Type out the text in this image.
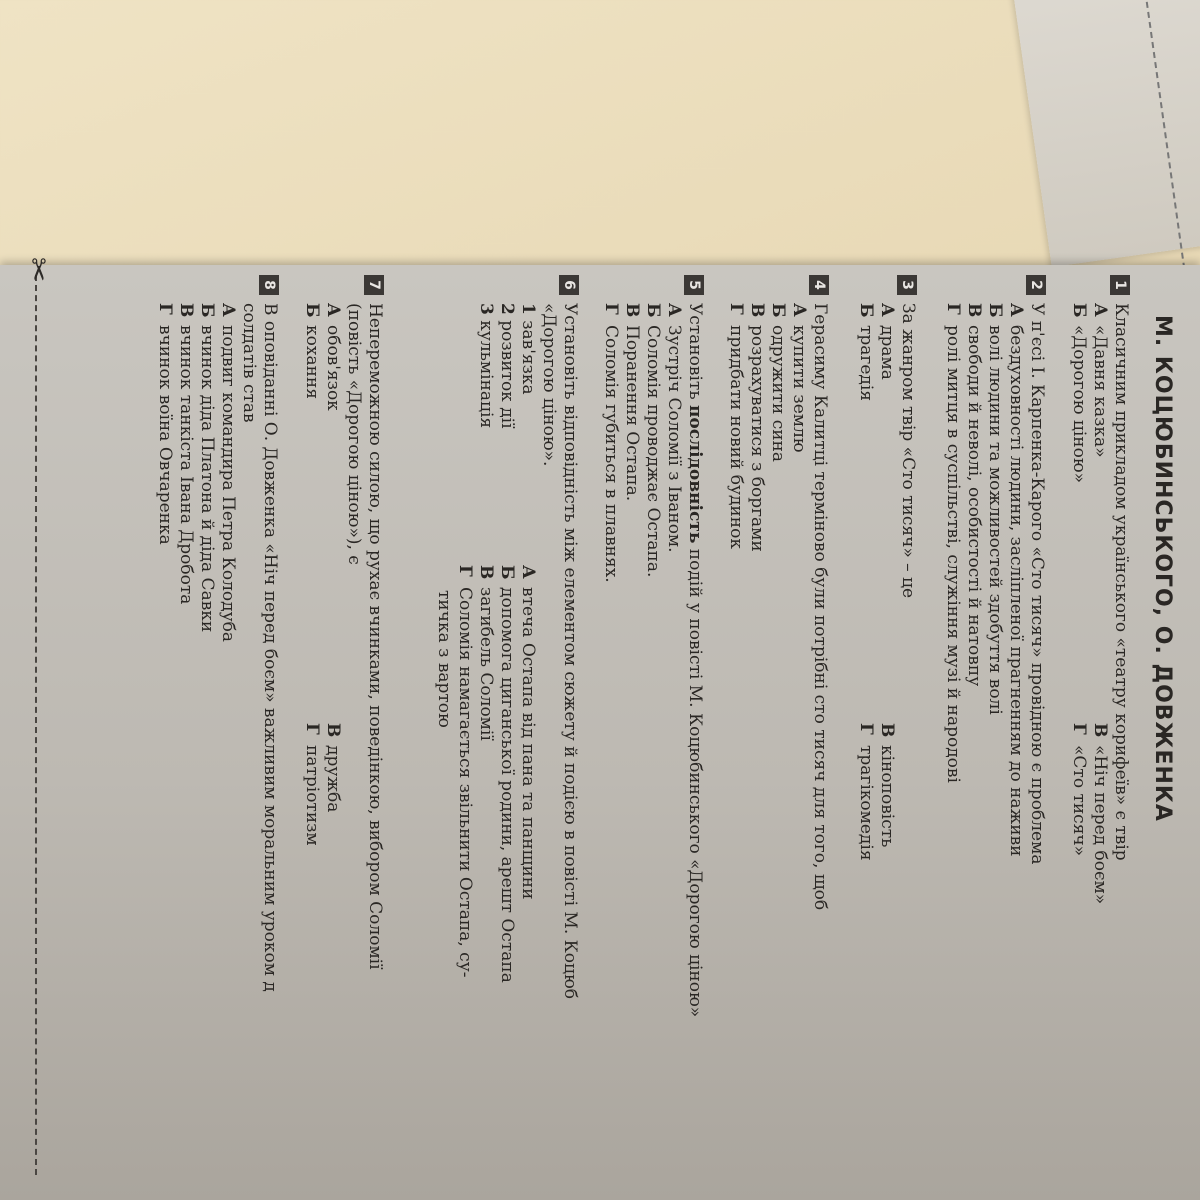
М. КОЦЮБИНСЬКОГО, О. ДОВЖЕНКА
1
Класичним прикладом українського «театру корифеїв» є твір
А«Давня казка»
В«Ніч перед боєм»
Б«Дорогою ціною»
Г«Сто тисяч»
2
У п'єсі І. Карпенка-Карого «Сто тисяч» провідною є проблема
Абездуховності людини, засліпленої прагненням до наживи
Бволі людини та можливостей здобуття волі
Всвободи й неволі, особистості й натовпу
Гролі митця в суспільстві, служіння музі й народові
3
За жанром твір «Сто тисяч» – це
Адрама
Вкіноповість
Бтрагедія
Гтрагікомедія
4
Герасиму Калитці терміново були потрібні сто тисяч для того, щоб
Акупити землю
Бодружити сина
Врозрахуватися з боргами
Гпридбати новий будинок
5
Установіть послідовність подій у повісті М. Коцюбинського «Дорогою ціною»
АЗустріч Соломії з Іваном.
БСоломія проводжає Остапа.
ВПоранення Остапа.
ГСоломія губиться в плавнях.
6
Установіть відповідність між елементом сюжету й подією в повісті М. Коцюб
«Дорогою ціною».
1 зав'язка
2 розвиток дії
3 кульмінація
Автеча Остапа від пана та панщини
Бдопомога циганської родини, арешт Остапа
Взагибель Соломії
ГСоломія намагається звільнити Остапа, су-
тичка з вартою
7
Непереможною силою, що рухає вчинками, поведінкою, вибором Соломії
(повість «Дорогою ціною»), є
Аобов'язок
Вдружба
Бкохання
Гпатріотизм
8
В оповіданні О. Довженка «Ніч перед боєм» важливим моральним уроком д
солдатів став
Аподвиг командира Петра Колодуба
Бвчинок діда Платона й діда Савки
Ввчинок танкіста Івана Дробота
Гвчинок воїна Овчаренка
✂
